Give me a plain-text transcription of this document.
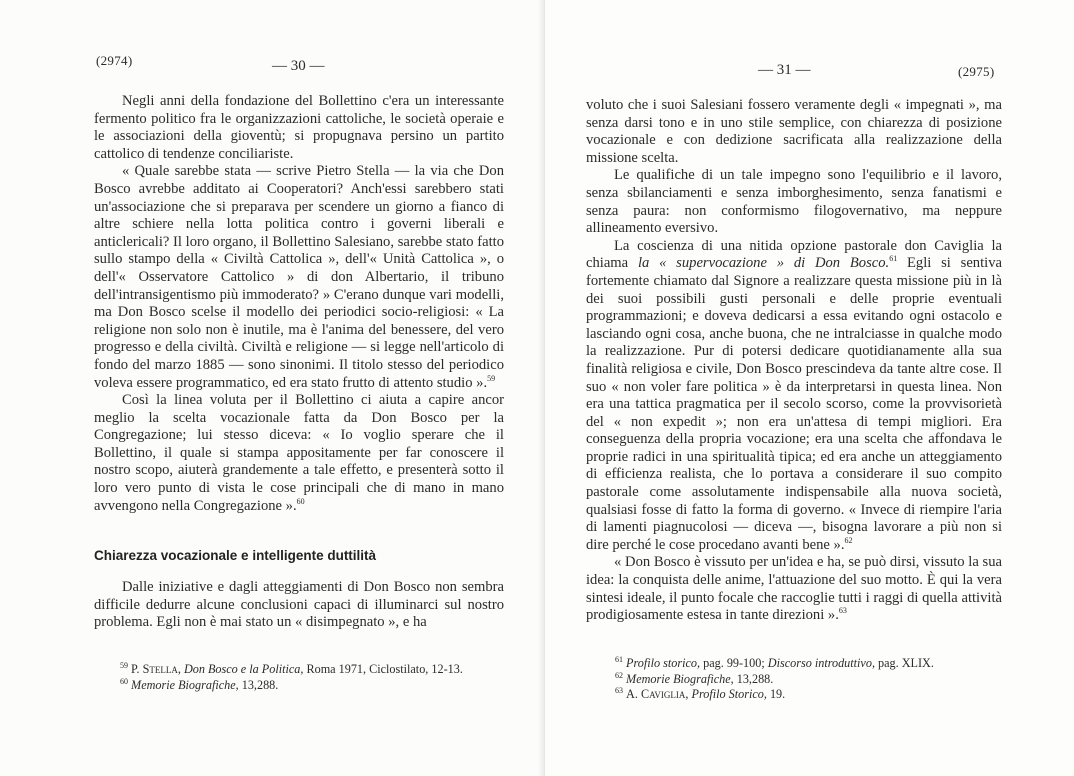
(2974)	— 30 —

Negli anni della fondazione del Bollettino c'era un interessante fermento politico fra le organizzazioni cattoliche, le società operaie e le associazioni della gioventù; si propugnava persino un partito cattolico di tendenze conciliariste.

« Quale sarebbe stata — scrive Pietro Stella — la via che Don Bosco avrebbe additato ai Cooperatori? Anch'essi sarebbero stati un'associazione che si preparava per scendere un giorno a fianco di altre schiere nella lotta politica contro i governi liberali e anticlericali? Il loro organo, il Bollettino Salesiano, sarebbe stato fatto sullo stampo della « Civiltà Cattolica », dell'« Unità Cattolica », o dell'« Osservatore Cattolico » di don Albertario, il tribuno dell'intransigentismo più immoderato? » C'erano dunque vari modelli, ma Don Bosco scelse il modello dei periodici socio-religiosi: « La religione non solo non è inutile, ma è l'anima del benessere, del vero progresso e della civiltà. Civiltà e religione — si legge nell'articolo di fondo del marzo 1885 — sono sinonimi. Il titolo stesso del periodico voleva essere programmatico, ed era stato frutto di attento studio ».$^{59}$

Così la linea voluta per il Bollettino ci aiuta a capire ancor meglio la scelta vocazionale fatta da Don Bosco per la Congregazione; lui stesso diceva: « Io voglio sperare che il Bollettino, il quale si stampa appositamente per far conoscere il nostro scopo, aiuterà grandemente a tale effetto, e presenterà sotto il loro vero punto di vista le cose principali che di mano in mano avvengono nella Congregazione ».$^{60}$

Chiarezza vocazionale e intelligente duttilità

Dalle iniziative e dagli atteggiamenti di Don Bosco non sembra difficile dedurre alcune conclusioni capaci di illuminarci sul nostro problema. Egli non è mai stato un « disimpegnato », e ha

$^{59}$ P. Stella, Don Bosco e la Politica, Roma 1971, Ciclostilato, 12-13.
$^{60}$ Memorie Biografiche, 13,288.
— 31 —	(2975)

voluto che i suoi Salesiani fossero veramente degli « impegnati », ma senza darsi tono e in uno stile semplice, con chiarezza di posizione vocazionale e con dedizione sacrificata alla realizzazione della missione scelta.

Le qualifiche di un tale impegno sono l'equilibrio e il lavoro, senza sbilanciamenti e senza imborghesimento, senza fanatismi e senza paura: non conformismo filogovernativo, ma neppure allineamento eversivo.

La coscienza di una nitida opzione pastorale don Caviglia la chiama la « supervocazione » di Don Bosco.$^{61}$ Egli si sentiva fortemente chiamato dal Signore a realizzare questa missione più in là dei suoi possibili gusti personali e delle proprie eventuali programmazioni; e doveva dedicarsi a essa evitando ogni ostacolo e lasciando ogni cosa, anche buona, che ne intralciasse in qualche modo la realizzazione. Pur di potersi dedicare quotidianamente alla sua finalità religiosa e civile, Don Bosco prescindeva da tante altre cose. Il suo « non voler fare politica » è da interpretarsi in questa linea. Non era una tattica pragmatica per il secolo scorso, come la provvisorietà del « non expedit »; non era un'attesa di tempi migliori. Era conseguenza della propria vocazione; era una scelta che affondava le proprie radici in una spiritualità tipica; ed era anche un atteggiamento di efficienza realista, che lo portava a considerare il suo compito pastorale come assolutamente indispensabile alla nuova società, qualsiasi fosse di fatto la forma di governo. « Invece di riempire l'aria di lamenti piagnucolosi — diceva —, bisogna lavorare a più non si dire perché le cose procedano avanti bene ».$^{62}$

« Don Bosco è vissuto per un'idea e ha, se può dirsi, vissuto la sua idea: la conquista delle anime, l'attuazione del suo motto. È qui la vera sintesi ideale, il punto focale che raccoglie tutti i raggi di quella attività prodigiosamente estesa in tante direzioni ».$^{63}$

$^{61}$ Profilo storico, pag. 99-100; Discorso introduttivo, pag. XLIX.
$^{62}$ Memorie Biografiche, 13,288.
$^{63}$ A. Caviglia, Profilo Storico, 19.
